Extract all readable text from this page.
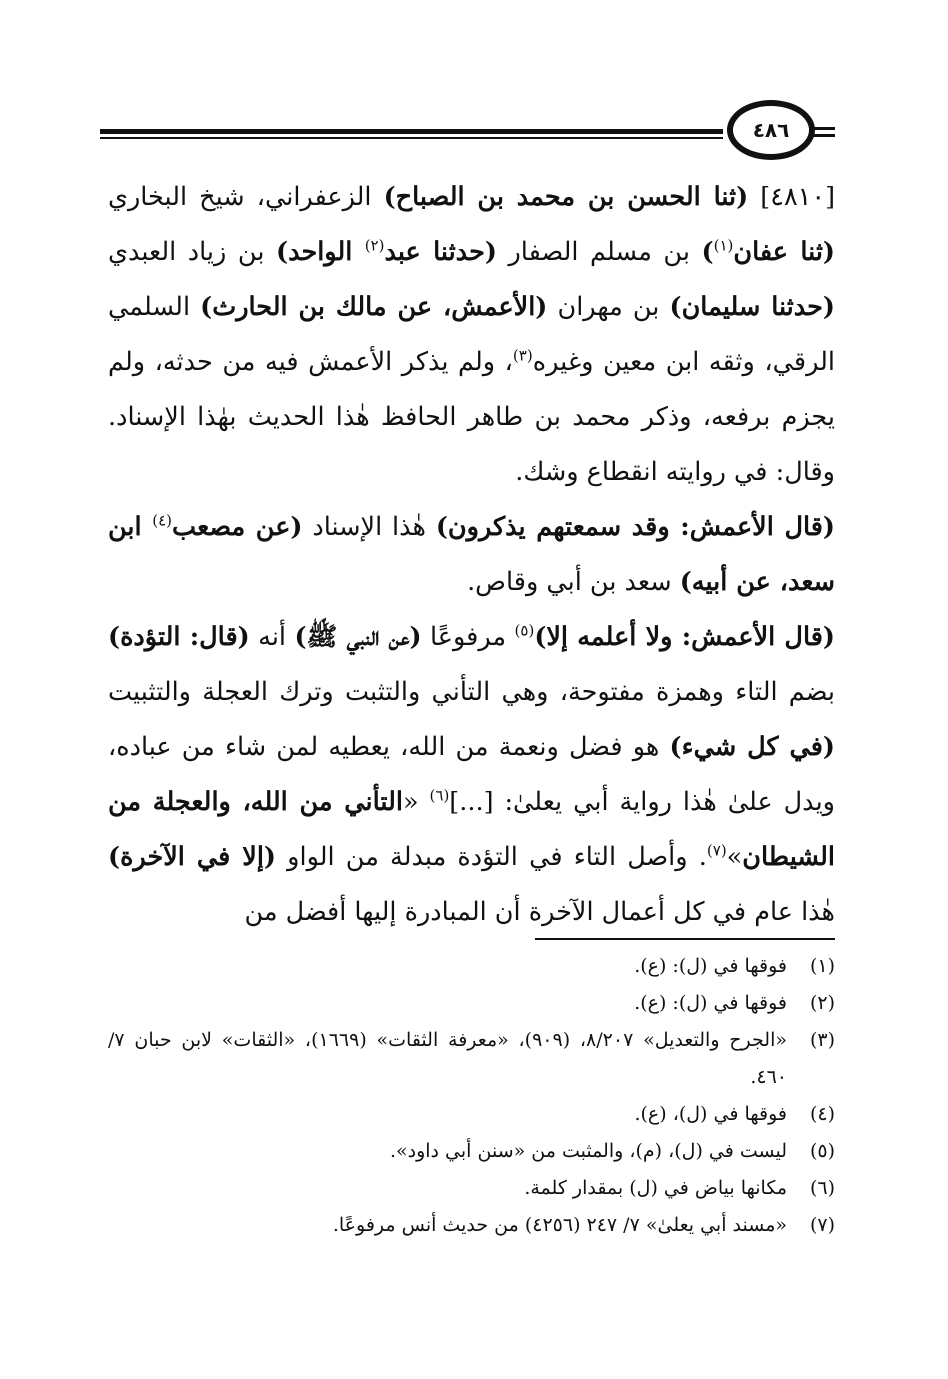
٤٨٦

[٤٨١٠] (ثنا الحسن بن محمد بن الصباح) الزعفراني، شيخ البخاري (ثنا عفان$^{(١)}$) بن مسلم الصفار (حدثنا عبد$^{(٢)}$ الواحد) بن زياد العبدي (حدثنا سليمان) بن مهران (الأعمش، عن مالك بن الحارث) السلمي الرقي، وثقه ابن معين وغيره$^{(٣)}$، ولم يذكر الأعمش فيه من حدثه، ولم يجزم برفعه، وذكر محمد بن طاهر الحافظ هٰذا الحديث بهٰذا الإسناد. وقال: في روايته انقطاع وشك.

(قال الأعمش: وقد سمعتهم يذكرون) هٰذا الإسناد (عن مصعب$^{(٤)}$ ابن سعد، عن أبيه) سعد بن أبي وقاص.

(قال الأعمش: ولا أعلمه إلا)$^{(٥)}$ مرفوعًا (عن النبي ﷺ) أنه (قال: التؤدة) بضم التاء وهمزة مفتوحة، وهي التأني والتثبت وترك العجلة والتثبيت (في كل شيء) هو فضل ونعمة من الله، يعطيه لمن شاء من عباده، ويدل علىٰ هٰذا رواية أبي يعلىٰ: [...]$^{(٦)}$ «التأني من الله، والعجلة من الشيطان»$^{(٧)}$. وأصل التاء في التؤدة مبدلة من الواو (إلا في الآخرة) هٰذا عام في كل أعمال الآخرة أن المبادرة إليها أفضل من

(١)
فوقها في (ل): (ع).
(٢)
فوقها في (ل): (ع).
(٣)
«الجرح والتعديل» ٨/٢٠٧، (٩٠٩)، «معرفة الثقات» (١٦٦٩)، «الثقات» لابن حبان ٧/ ٤٦٠.
(٤)
فوقها في (ل)، (ع).
(٥)
ليست في (ل)، (م)، والمثبت من «سنن أبي داود».
(٦)
مكانها بياض في (ل) بمقدار كلمة.
(٧)
«مسند أبي يعلىٰ» ٧/ ٢٤٧ (٤٢٥٦) من حديث أنس مرفوعًا.
